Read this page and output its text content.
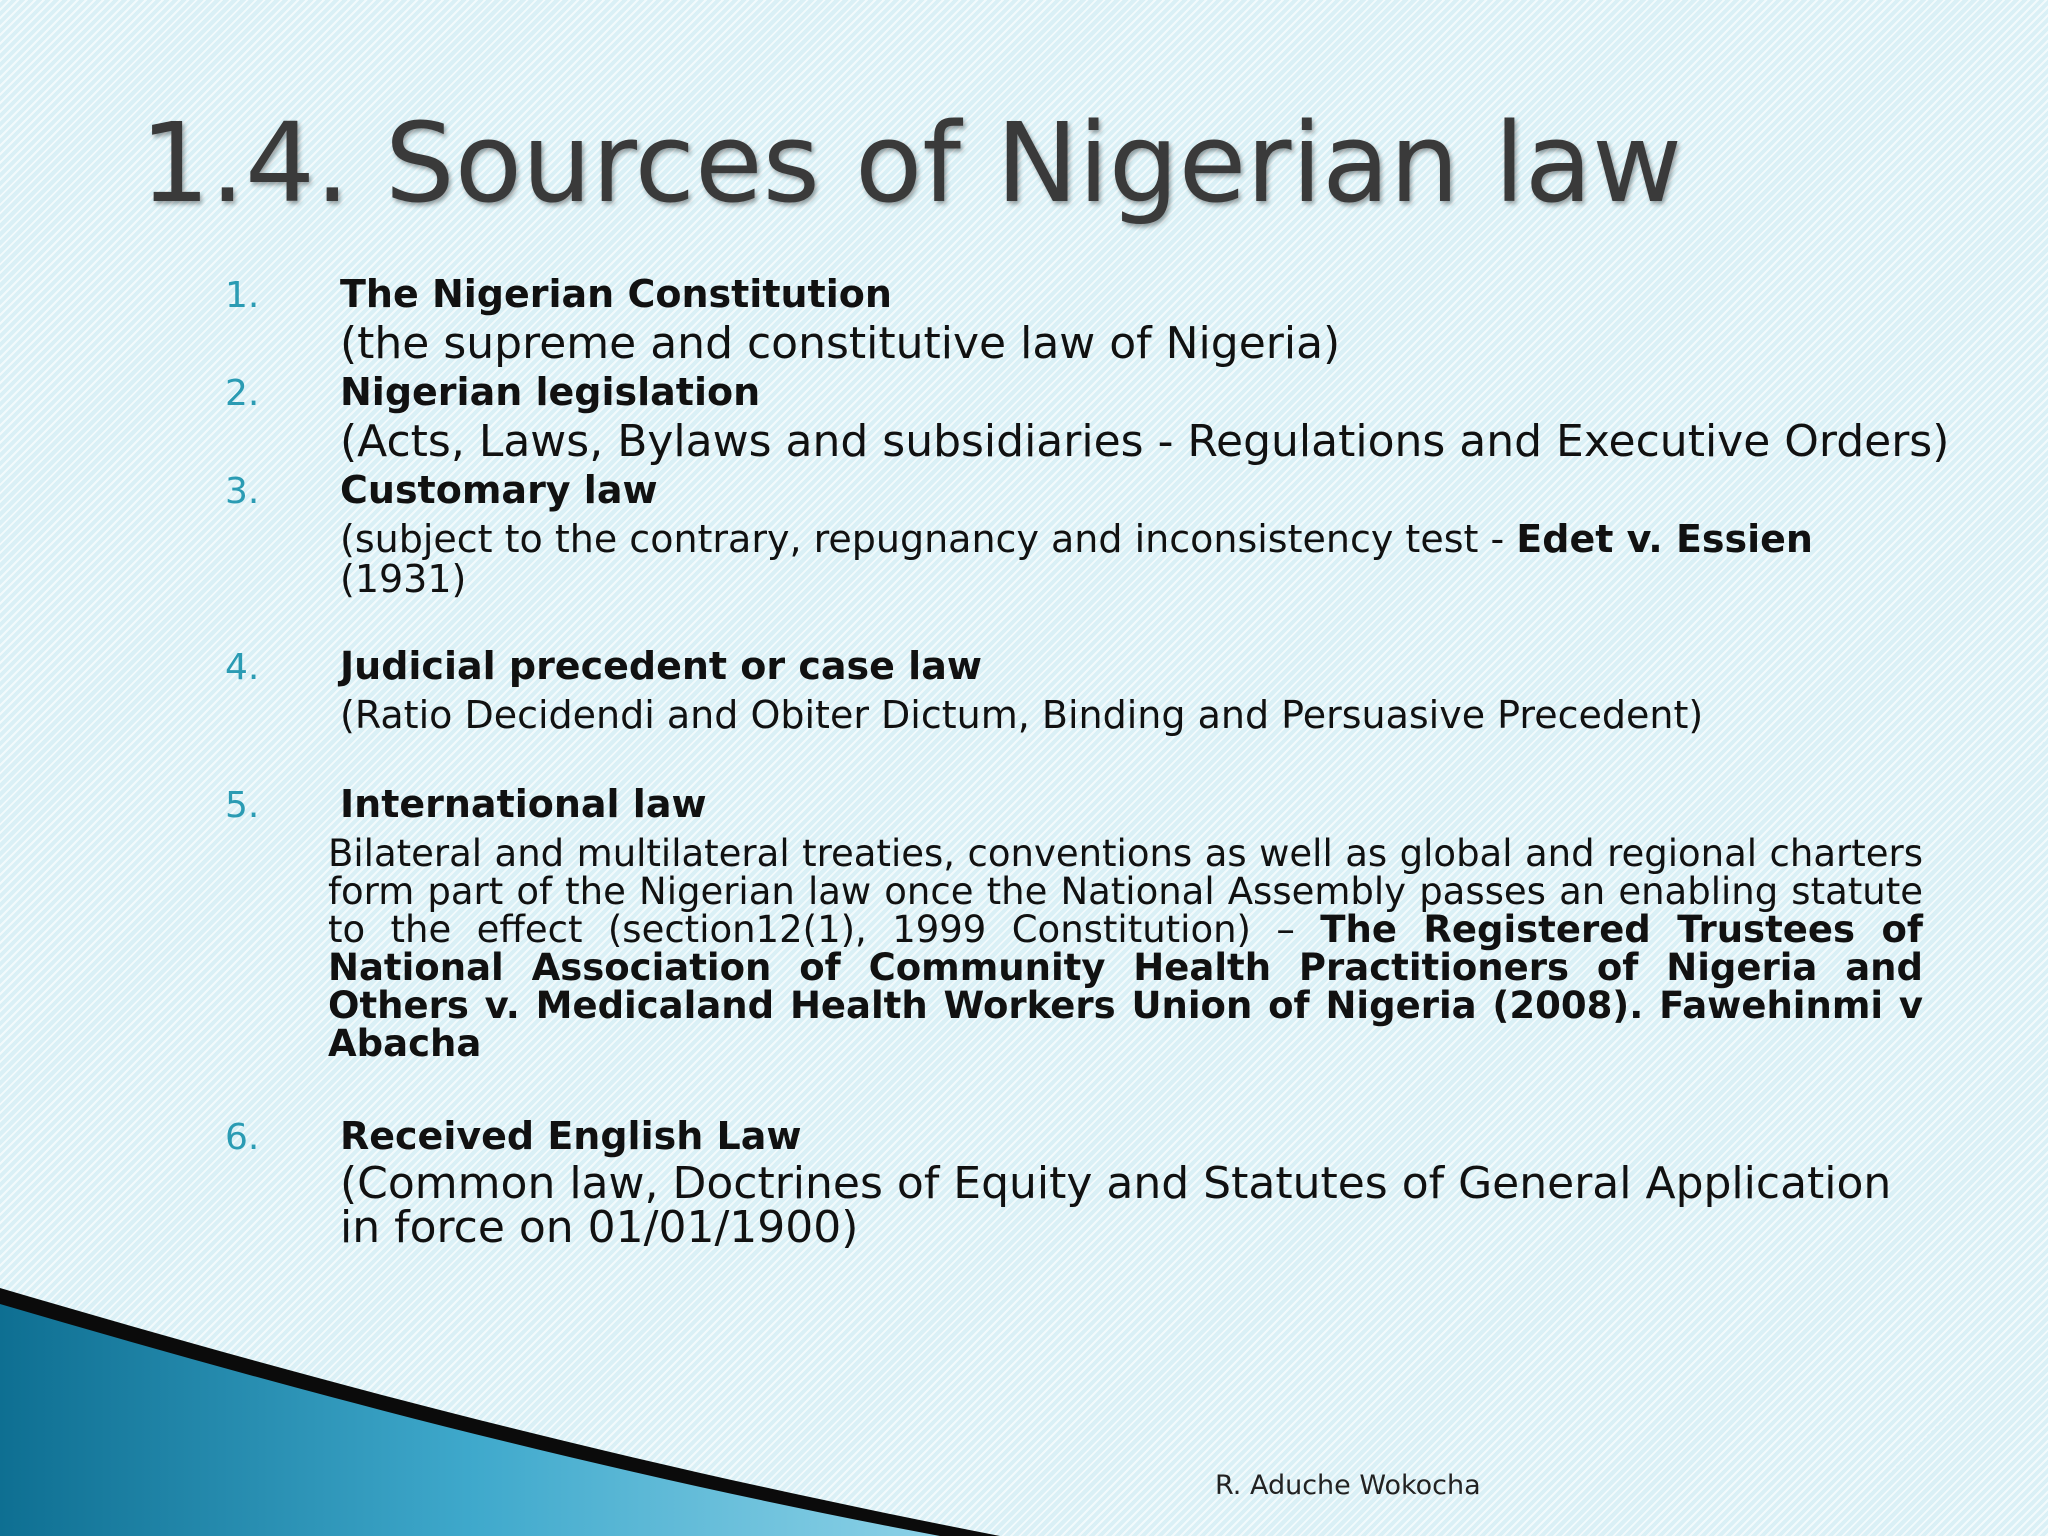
1.4. Sources of Nigerian law
1. The Nigerian Constitution
(the supreme and constitutive law of Nigeria)
2. Nigerian legislation
(Acts, Laws, Bylaws and subsidiaries - Regulations and Executive Orders)
3. Customary law
(subject to the contrary, repugnancy and inconsistency test - Edet v. Essien
(1931)
4. Judicial precedent or case law
(Ratio Decidendi and Obiter Dictum, Binding and Persuasive Precedent)
5. International law
Bilateral and multilateral treaties, conventions as well as global and regional charters form part of the Nigerian law once the National Assembly passes an enabling statute to the effect (section12(1), 1999 Constitution) – The Registered Trustees of National Association of Community Health Practitioners of Nigeria and Others v. Medicaland Health Workers Union of Nigeria (2008). Fawehinmi v Abacha
6. Received English Law
(Common law, Doctrines of Equity and Statutes of General Application in force on 01/01/1900)
R. Aduche Wokocha
